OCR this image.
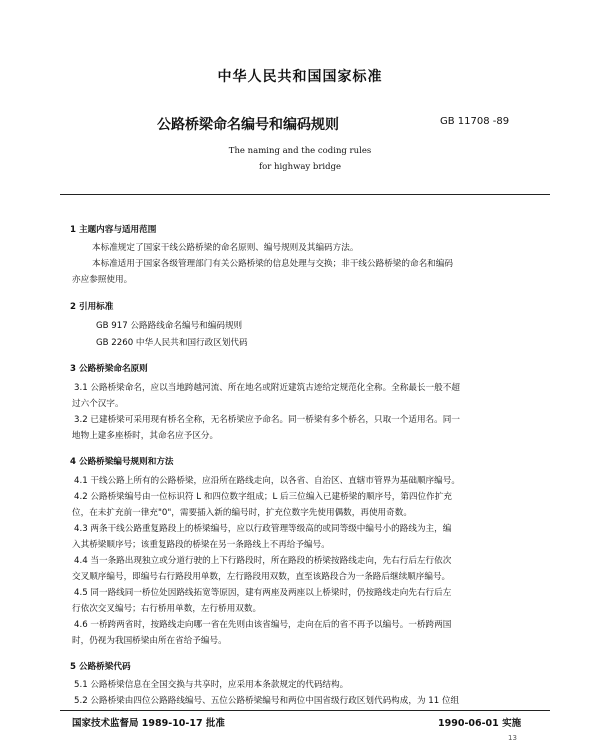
中华人民共和国国家标准
公路桥梁命名编号和编码规则	GB 11708 -89
The naming and the coding rules
for highway bridge
1 主题内容与适用范围
本标准规定了国家干线公路桥梁的命名原则、编号规则及其编码方法。
本标准适用于国家各级管理部门有关公路桥梁的信息处理与交换；非干线公路桥梁的命名和编码
亦应参照使用。
2 引用标准
GB 917 公路路线命名编号和编码规则
GB 2260 中华人民共和国行政区划代码
3 公路桥梁命名原则
3.1 公路桥梁命名，应以当地跨越河流、所在地名或附近建筑古迹给定规范化全称。全称最长一般不超
过六个汉字。
3.2 已建桥梁可采用现有桥名全称，无名桥梁应予命名。同一桥梁有多个桥名，只取一个适用名。同一
地物上建多座桥时，其命名应予区分。
4 公路桥梁编号规则和方法
4.1 干线公路上所有的公路桥梁，应沿所在路线走向，以各省、自治区、直辖市管界为基础顺序编号。
4.2 公路桥梁编号由一位标识符 L 和四位数字组成；L 后三位编入已建桥梁的顺序号，第四位作扩充
位，在未扩充前一律充"0"，需要插入新的编号时，扩充位数字先使用偶数，再使用奇数。
4.3 两条干线公路重复路段上的桥梁编号，应以行政管理等级高的或同等级中编号小的路线为主，编
入其桥梁顺序号；该重复路段的桥梁在另一条路线上不再给予编号。
4.4 当一条路出现独立或分道行驶的上下行路段时，所在路段的桥梁按路线走向，先右行后左行依次
交叉顺序编号，即编号右行路段用单数，左行路段用双数，直至该路段合为一条路后继续顺序编号。
4.5 同一路线同一桥位处因路线拓宽等原因，建有两座及两座以上桥梁时，仍按路线走向先右行后左
行依次交叉编号；右行桥用单数，左行桥用双数。
4.6 一桥跨两省时，按路线走向哪一省在先则由该省编号，走向在后的省不再予以编号。一桥跨两国
时，仍视为我国桥梁由所在省给予编号。
5 公路桥梁代码
5.1 公路桥梁信息在全国交换与共享时，应采用本条款规定的代码结构。
5.2 公路桥梁由四位公路路线编号、五位公路桥梁编号和两位中国省级行政区划代码构成，为 11 位组
国家技术监督局 1989-10-17 批准	1990-06-01 实施
13
